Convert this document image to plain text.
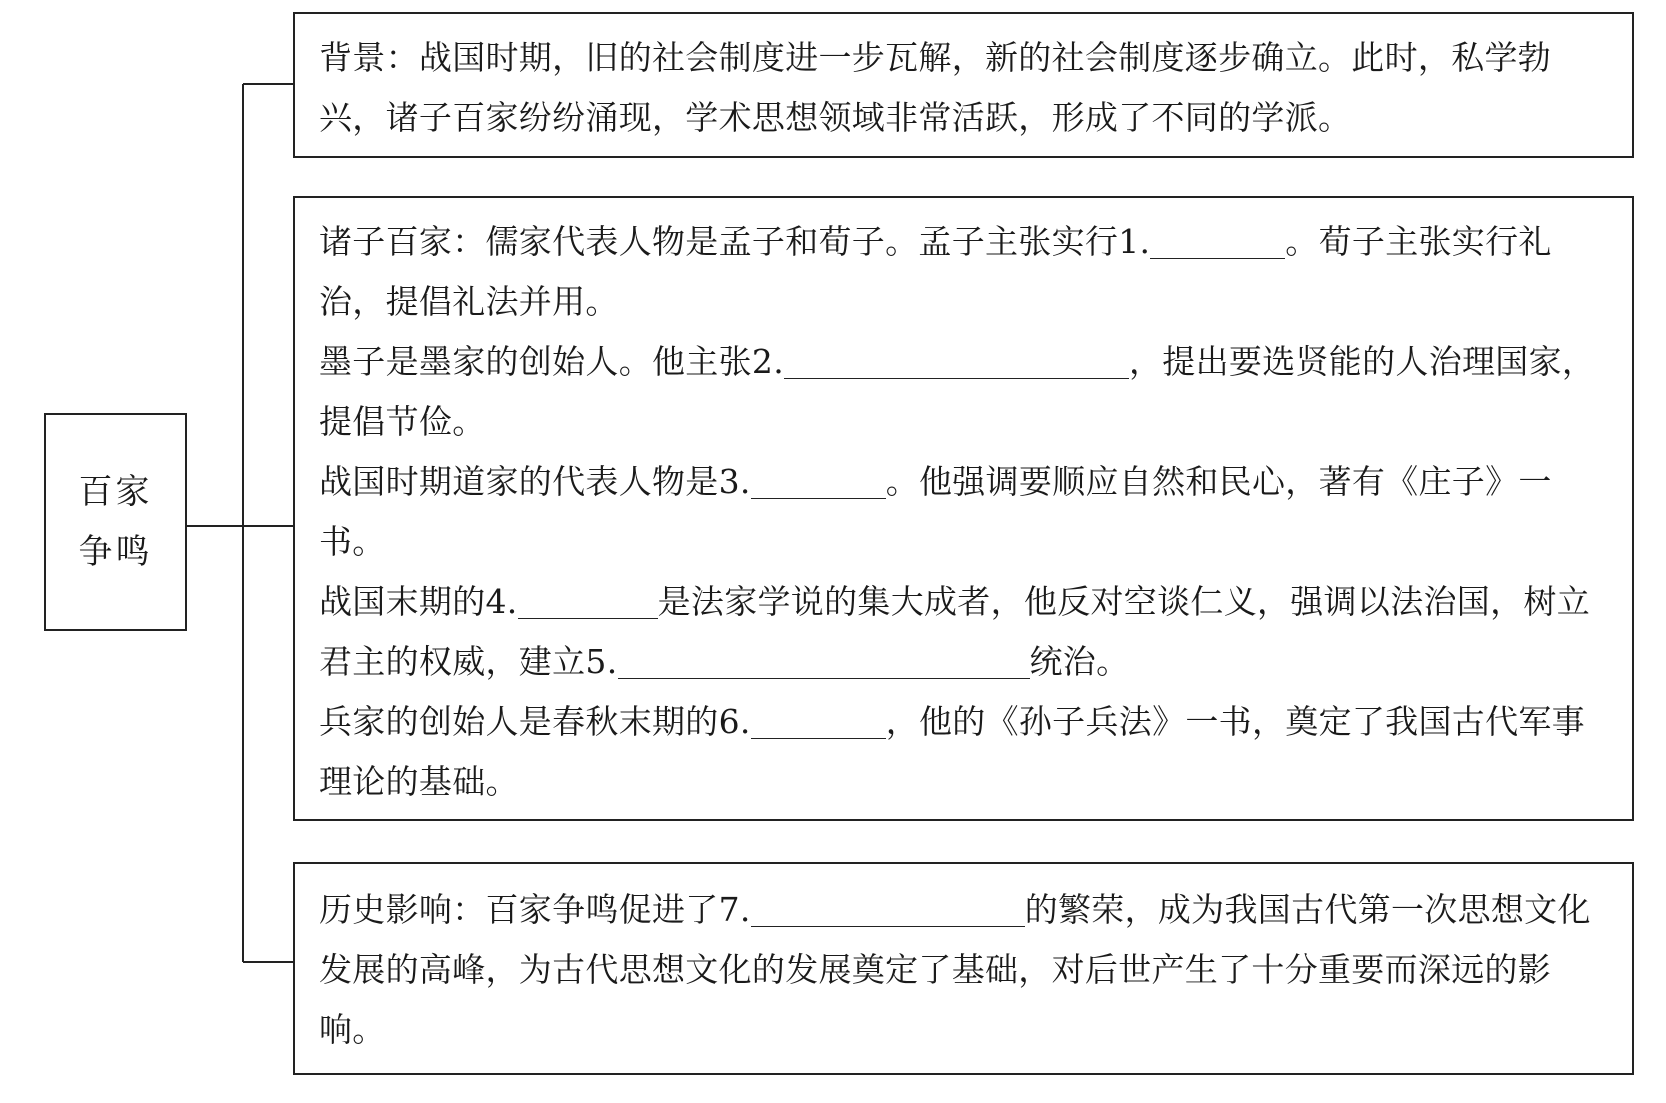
百家
争鸣

背景：战国时期，旧的社会制度进一步瓦解，新的社会制度逐步确立。此时，私学勃兴，诸子百家纷纷涌现，学术思想领域非常活跃，形成了不同的学派。

诸子百家：儒家代表人物是孟子和荀子。孟子主张实行1.	。荀子主张实行礼治，提倡礼法并用。

墨子是墨家的创始人。他主张2.	，提出要选贤能的人治理国家，提倡节俭。

战国时期道家的代表人物是3.	。他强调要顺应自然和民心，著有《庄子》一书。

战国末期的4.	是法家学说的集大成者，他反对空谈仁义，强调以法治国，树立君主的权威，建立5.	统治。

兵家的创始人是春秋末期的6.	，他的《孙子兵法》一书，奠定了我国古代军事理论的基础。

历史影响：百家争鸣促进了7.	的繁荣，成为我国古代第一次思想文化发展的高峰，为古代思想文化的发展奠定了基础，对后世产生了十分重要而深远的影响。
